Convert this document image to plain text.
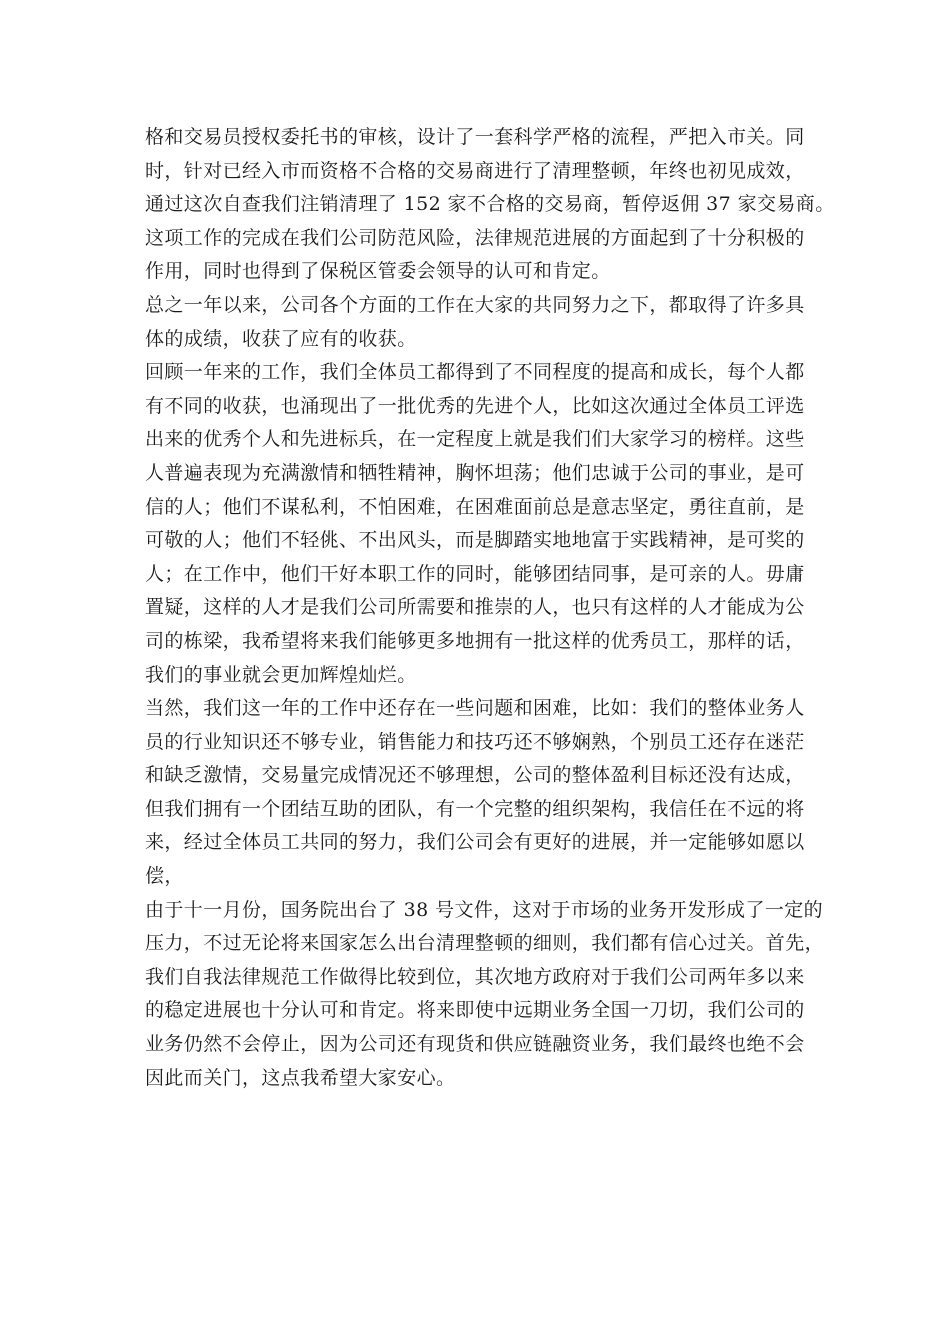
格和交易员授权委托书的审核，设计了一套科学严格的流程，严把入市关。同
时，针对已经入市而资格不合格的交易商进行了清理整顿，年终也初见成效，
通过这次自查我们注销清理了 152 家不合格的交易商，暂停返佣 37 家交易商。
这项工作的完成在我们公司防范风险，法律规范进展的方面起到了十分积极的
作用，同时也得到了保税区管委会领导的认可和肯定。
总之一年以来，公司各个方面的工作在大家的共同努力之下，都取得了许多具
体的成绩，收获了应有的收获。
回顾一年来的工作，我们全体员工都得到了不同程度的提高和成长，每个人都
有不同的收获，也涌现出了一批优秀的先进个人，比如这次通过全体员工评选
出来的优秀个人和先进标兵，在一定程度上就是我们们大家学习的榜样。这些
人普遍表现为充满激情和牺牲精神，胸怀坦荡；他们忠诚于公司的事业，是可
信的人；他们不谋私利，不怕困难，在困难面前总是意志坚定，勇往直前，是
可敬的人；他们不轻佻、不出风头，而是脚踏实地地富于实践精神，是可奖的
人；在工作中，他们干好本职工作的同时，能够团结同事，是可亲的人。毋庸
置疑，这样的人才是我们公司所需要和推崇的人，也只有这样的人才能成为公
司的栋梁，我希望将来我们能够更多地拥有一批这样的优秀员工，那样的话，
我们的事业就会更加辉煌灿烂。
当然，我们这一年的工作中还存在一些问题和困难，比如：我们的整体业务人
员的行业知识还不够专业，销售能力和技巧还不够娴熟，个别员工还存在迷茫
和缺乏激情，交易量完成情况还不够理想，公司的整体盈利目标还没有达成，
但我们拥有一个团结互助的团队，有一个完整的组织架构，我信任在不远的将
来，经过全体员工共同的努力，我们公司会有更好的进展，并一定能够如愿以
偿，
由于十一月份，国务院出台了 38 号文件，这对于市场的业务开发形成了一定的
压力，不过无论将来国家怎么出台清理整顿的细则，我们都有信心过关。首先，
我们自我法律规范工作做得比较到位，其次地方政府对于我们公司两年多以来
的稳定进展也十分认可和肯定。将来即使中远期业务全国一刀切，我们公司的
业务仍然不会停止，因为公司还有现货和供应链融资业务，我们最终也绝不会
因此而关门，这点我希望大家安心。
